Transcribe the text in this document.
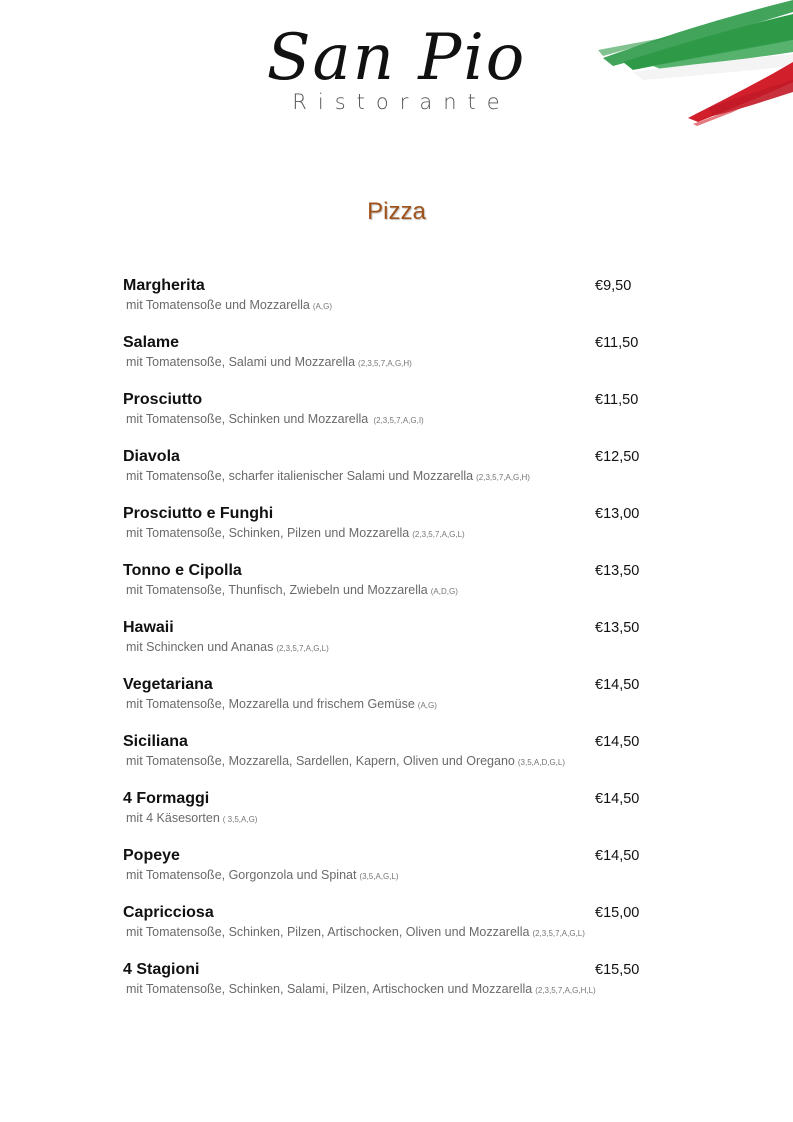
San Pio
Ristorante
Pizza
Margherita	€9,50
mit Tomatensoße und Mozzarella (A,G)
Salame	€11,50
mit Tomatensoße, Salami und Mozzarella (2,3,5,7,A,G,H)
Prosciutto	€11,50
mit Tomatensoße, Schinken und Mozzarella (2,3,5,7,A,G,I)
Diavola	€12,50
mit Tomatensoße, scharfer italienischer Salami und Mozzarella (2,3,5,7,A,G,H)
Prosciutto e Funghi	€13,00
mit Tomatensoße, Schinken, Pilzen und Mozzarella (2,3,5,7,A,G,L)
Tonno e Cipolla	€13,50
mit Tomatensoße, Thunfisch, Zwiebeln und Mozzarella (A,D,G)
Hawaii	€13,50
mit Schincken und Ananas (2,3,5,7,A,G,L)
Vegetariana	€14,50
mit Tomatensoße, Mozzarella und frischem Gemüse (A,G)
Siciliana	€14,50
mit Tomatensoße, Mozzarella, Sardellen, Kapern, Oliven und Oregano (3,5,A,D,G,L)
4 Formaggi	€14,50
mit 4 Käsesorten ( 3,5,A,G)
Popeye	€14,50
mit Tomatensoße, Gorgonzola und Spinat (3,5,A,G,L)
Capricciosa	€15,00
mit Tomatensoße, Schinken, Pilzen, Artischocken, Oliven und Mozzarella (2,3,5,7,A,G,L)
4 Stagioni	€15,50
mit Tomatensoße, Schinken, Salami, Pilzen, Artischocken und Mozzarella (2,3,5,7,A,G,H,L)
